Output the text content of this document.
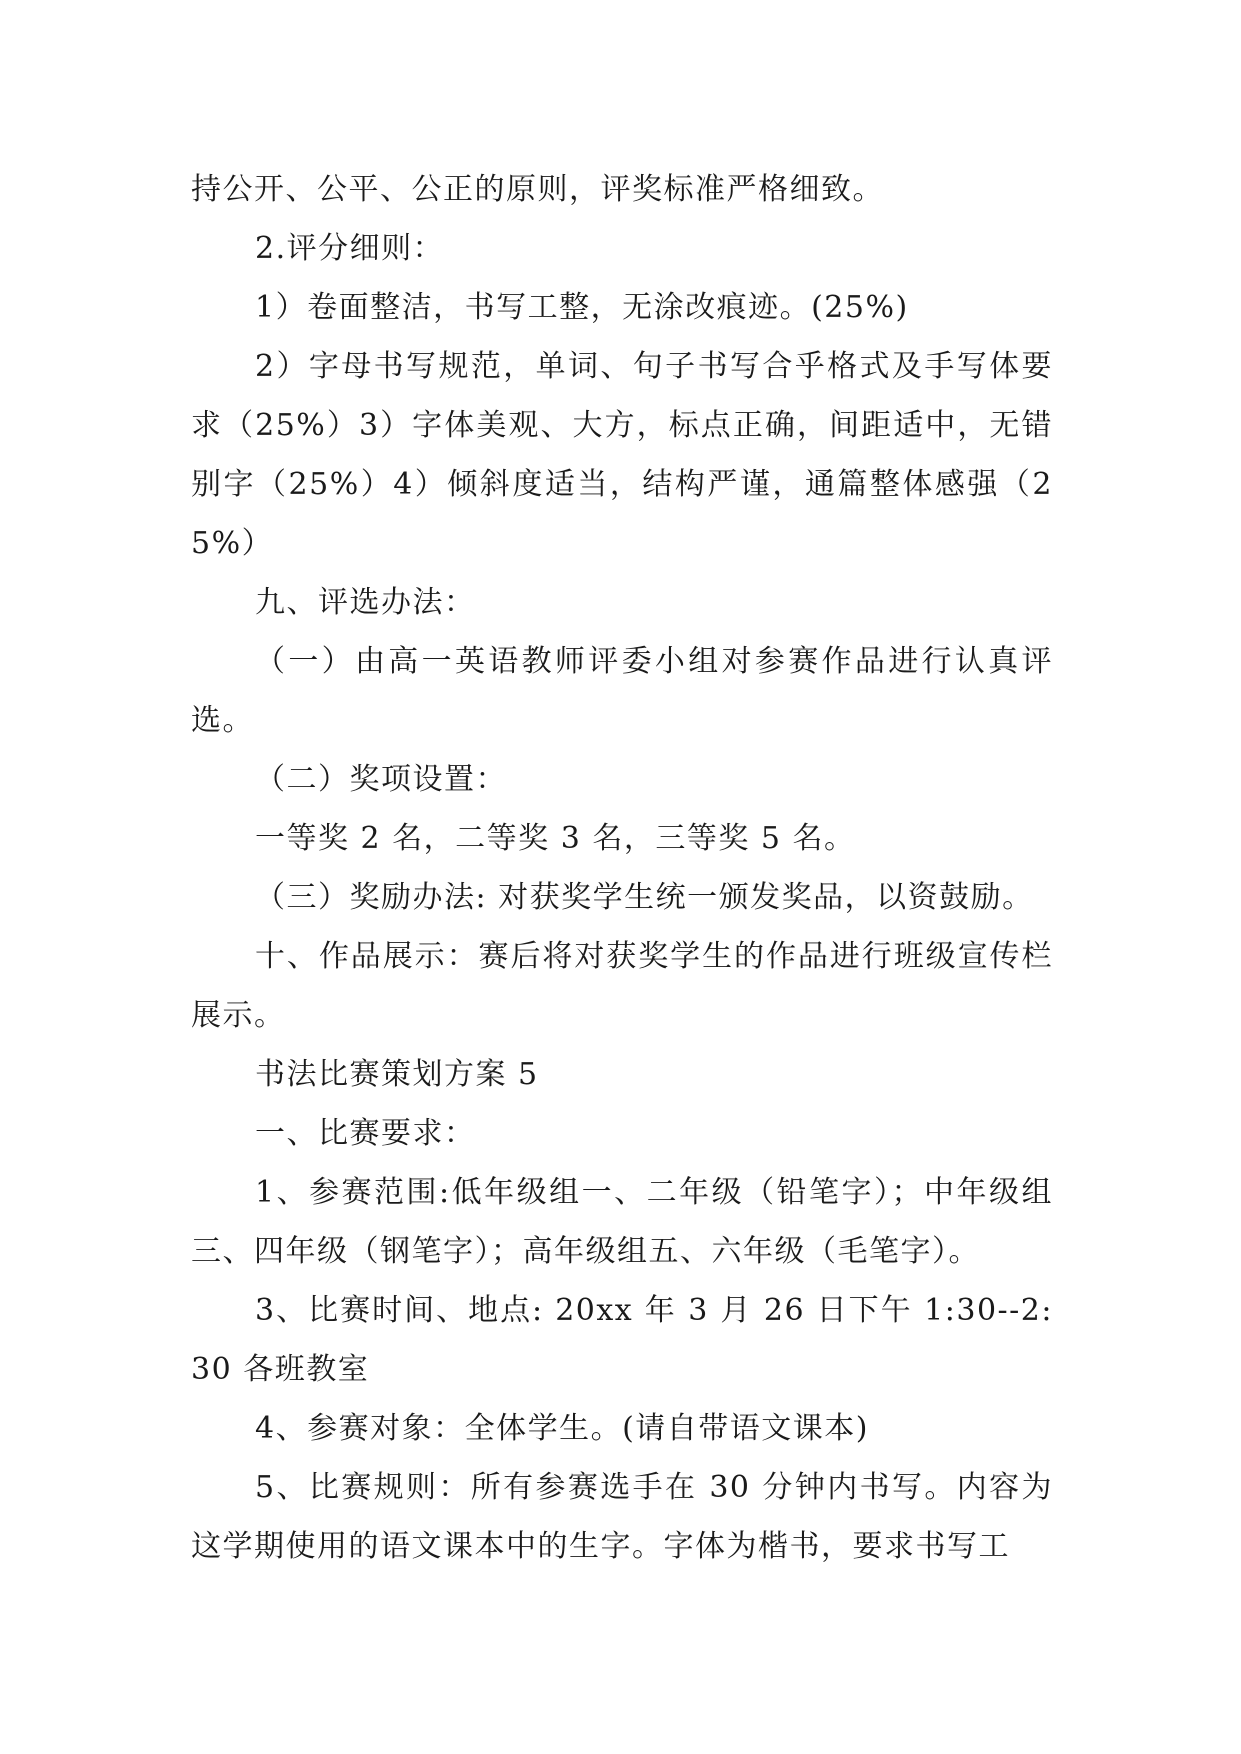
持公开、公平、公正的原则，评奖标准严格细致。

2.评分细则：

1）卷面整洁，书写工整，无涂改痕迹。(25%)

2）字母书写规范，单词、句子书写合乎格式及手写体要求（25%）3）字体美观、大方，标点正确，间距适中，无错别字（25%）4）倾斜度适当，结构严谨，通篇整体感强（25%）

九、评选办法：

（一）由高一英语教师评委小组对参赛作品进行认真评选。

（二）奖项设置：

一等奖 2 名，二等奖 3 名，三等奖 5 名。

（三）奖励办法: 对获奖学生统一颁发奖品，以资鼓励。

十、作品展示：赛后将对获奖学生的作品进行班级宣传栏展示。

书法比赛策划方案 5

一、比赛要求：

1、参赛范围:低年级组一、二年级（铅笔字）；中年级组三、四年级（钢笔字）；高年级组五、六年级（毛笔字）。

3、比赛时间、地点: 20xx 年 3 月 26 日下午 1:30--2:30 各班教室

4、参赛对象：全体学生。(请自带语文课本)

5、比赛规则：所有参赛选手在 30 分钟内书写。内容为这学期使用的语文课本中的生字。字体为楷书，要求书写工
